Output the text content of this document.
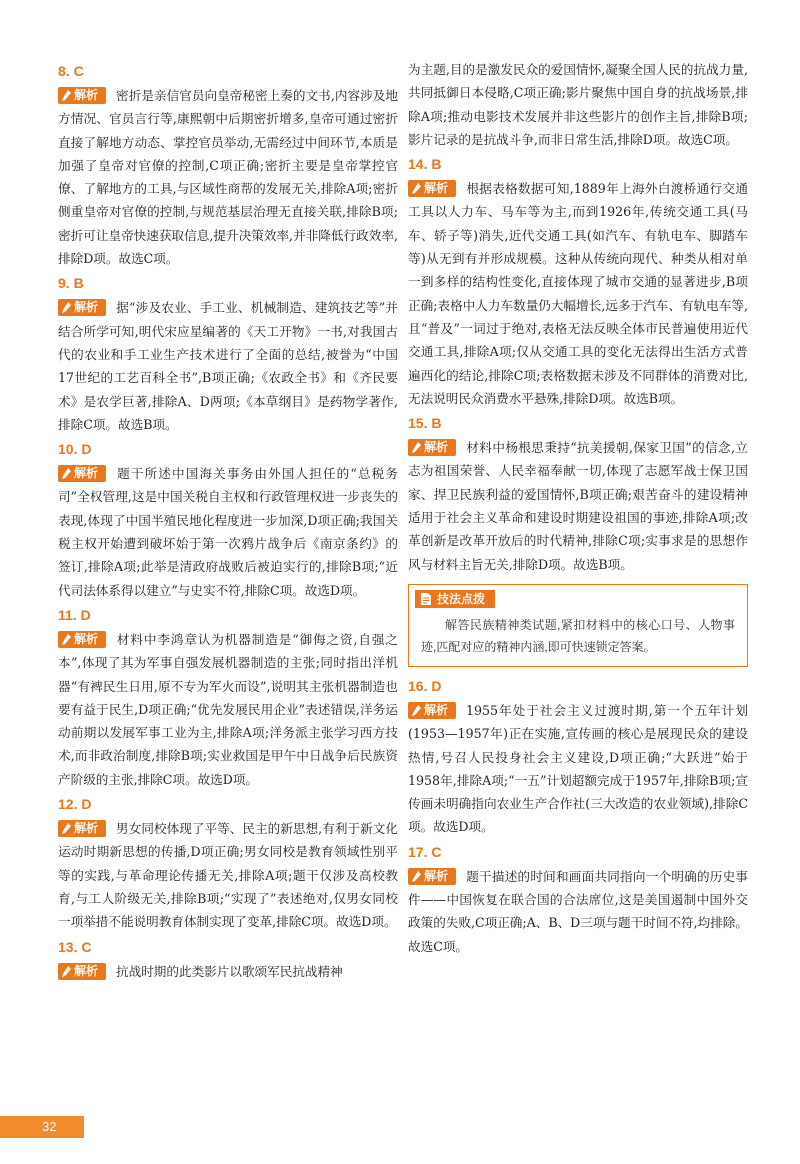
8. C

解析 密折是亲信官员向皇帝秘密上奏的文书,内容涉及地方情况、官员言行等,康熙朝中后期密折增多,皇帝可通过密折直接了解地方动态、掌控官员举动,无需经过中间环节,本质是加强了皇帝对官僚的控制,C项正确;密折主要是皇帝掌控官僚、了解地方的工具,与区域性商帮的发展无关,排除A项;密折侧重皇帝对官僚的控制,与规范基层治理无直接关联,排除B项;密折可让皇帝快速获取信息,提升决策效率,并非降低行政效率,排除D项。故选C项。

9. B

解析 据“涉及农业、手工业、机械制造、建筑技艺等”并结合所学可知,明代宋应星编著的《天工开物》一书,对我国古代的农业和手工业生产技术进行了全面的总结,被誉为“中国17世纪的工艺百科全书”,B项正确;《农政全书》和《齐民要术》是农学巨著,排除A、D两项;《本草纲目》是药物学著作,排除C项。故选B项。

10. D

解析 题干所述中国海关事务由外国人担任的“总税务司”全权管理,这是中国关税自主权和行政管理权进一步丧失的表现,体现了中国半殖民地化程度进一步加深,D项正确;我国关税主权开始遭到破坏始于第一次鸦片战争后《南京条约》的签订,排除A项;此举是清政府战败后被迫实行的,排除B项;“近代司法体系得以建立”与史实不符,排除C项。故选D项。

11. D

解析 材料中李鸿章认为机器制造是“御侮之资,自强之本”,体现了其为军事自强发展机器制造的主张;同时指出洋机器“有裨民生日用,原不专为军火而设”,说明其主张机器制造也要有益于民生,D项正确;“优先发展民用企业”表述错误,洋务运动前期以发展军事工业为主,排除A项;洋务派主张学习西方技术,而非政治制度,排除B项;实业救国是甲午中日战争后民族资产阶级的主张,排除C项。故选D项。

12. D

解析 男女同校体现了平等、民主的新思想,有利于新文化运动时期新思想的传播,D项正确;男女同校是教育领域性别平等的实践,与革命理论传播无关,排除A项;题干仅涉及高校教育,与工人阶级无关,排除B项;“实现了”表述绝对,仅男女同校一项举措不能说明教育体制实现了变革,排除C项。故选D项。

13. C

解析 抗战时期的此类影片以歌颂军民抗战精神

为主题,目的是激发民众的爱国情怀,凝聚全国人民的抗战力量,共同抵御日本侵略,C项正确;影片聚焦中国自身的抗战场景,排除A项;推动电影技术发展并非这些影片的创作主旨,排除B项;影片记录的是抗战斗争,而非日常生活,排除D项。故选C项。

14. B

解析 根据表格数据可知,1889年上海外白渡桥通行交通工具以人力车、马车等为主,而到1926年,传统交通工具(马车、轿子等)消失,近代交通工具(如汽车、有轨电车、脚踏车等)从无到有并形成规模。这种从传统向现代、种类从相对单一到多样的结构性变化,直接体现了城市交通的显著进步,B项正确;表格中人力车数量仍大幅增长,远多于汽车、有轨电车等,且“普及”一词过于绝对,表格无法反映全体市民普遍使用近代交通工具,排除A项;仅从交通工具的变化无法得出生活方式普遍西化的结论,排除C项;表格数据未涉及不同群体的消费对比,无法说明民众消费水平悬殊,排除D项。故选B项。

15. B

解析 材料中杨根思秉持“抗美援朝,保家卫国”的信念,立志为祖国荣誉、人民幸福奉献一切,体现了志愿军战士保卫国家、捍卫民族利益的爱国情怀,B项正确;艰苦奋斗的建设精神适用于社会主义革命和建设时期建设祖国的事迹,排除A项;改革创新是改革开放后的时代精神,排除C项;实事求是的思想作风与材料主旨无关,排除D项。故选B项。

技法点拨
解答民族精神类试题,紧扣材料中的核心口号、人物事迹,匹配对应的精神内涵,即可快速锁定答案。
16. D

解析 1955年处于社会主义过渡时期,第一个五年计划(1953—1957年)正在实施,宣传画的核心是展现民众的建设热情,号召人民投身社会主义建设,D项正确;“大跃进”始于1958年,排除A项;“一五”计划超额完成于1957年,排除B项;宣传画未明确指向农业生产合作社(三大改造的农业领域),排除C项。故选D项。

17. C

解析 题干描述的时间和画面共同指向一个明确的历史事件——中国恢复在联合国的合法席位,这是美国遏制中国外交政策的失败,C项正确;A、B、D三项与题干时间不符,均排除。故选C项。

32
